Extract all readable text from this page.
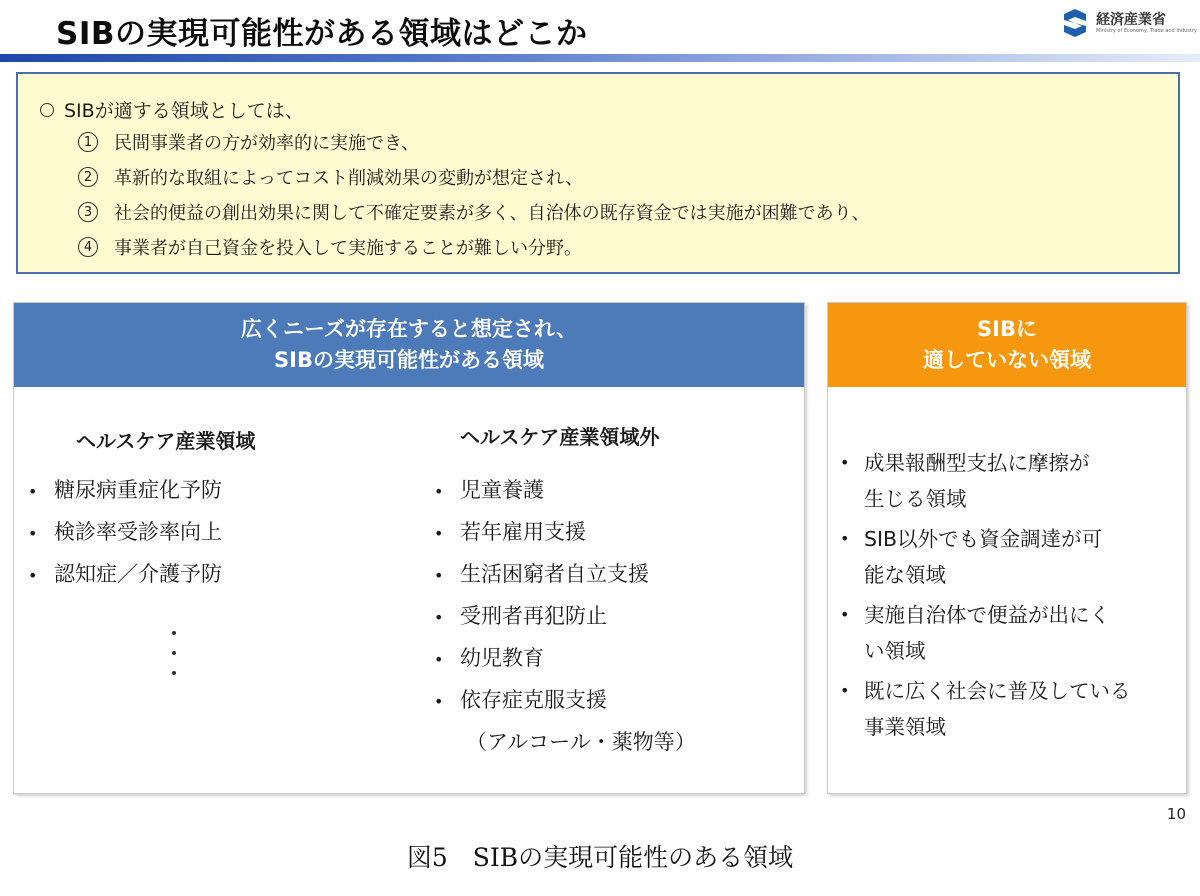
SIBの実現可能性がある領域はどこか	経済産業省
Ministry of Economy, Trade and Industry
SIBが適する領域としては、
1 民間事業者の方が効率的に実施でき、
2 革新的な取組によってコスト削減効果の変動が想定され、
3 社会的便益の創出効果に関して不確定要素が多く、自治体の既存資金では実施が困難であり、
4 事業者が自己資金を投入して実施することが難しい分野。
広くニーズが存在すると想定され、
SIBの実現可能性がある領域
ヘルスケア産業領域
• 糖尿病重症化予防
• 検診率受診率向上
• 認知症／介護予防
ヘルスケア産業領域外
• 児童養護
• 若年雇用支援
• 生活困窮者自立支援
• 受刑者再犯防止
• 幼児教育
• 依存症克服支援
（アルコール・薬物等）
SIBに
適していない領域
• 成果報酬型支払に摩擦が
生じる領域
• SIB以外でも資金調達が可
能な領域
• 実施自治体で便益が出にく
い領域
• 既に広く社会に普及している
事業領域
10
図5　SIBの実現可能性のある領域
